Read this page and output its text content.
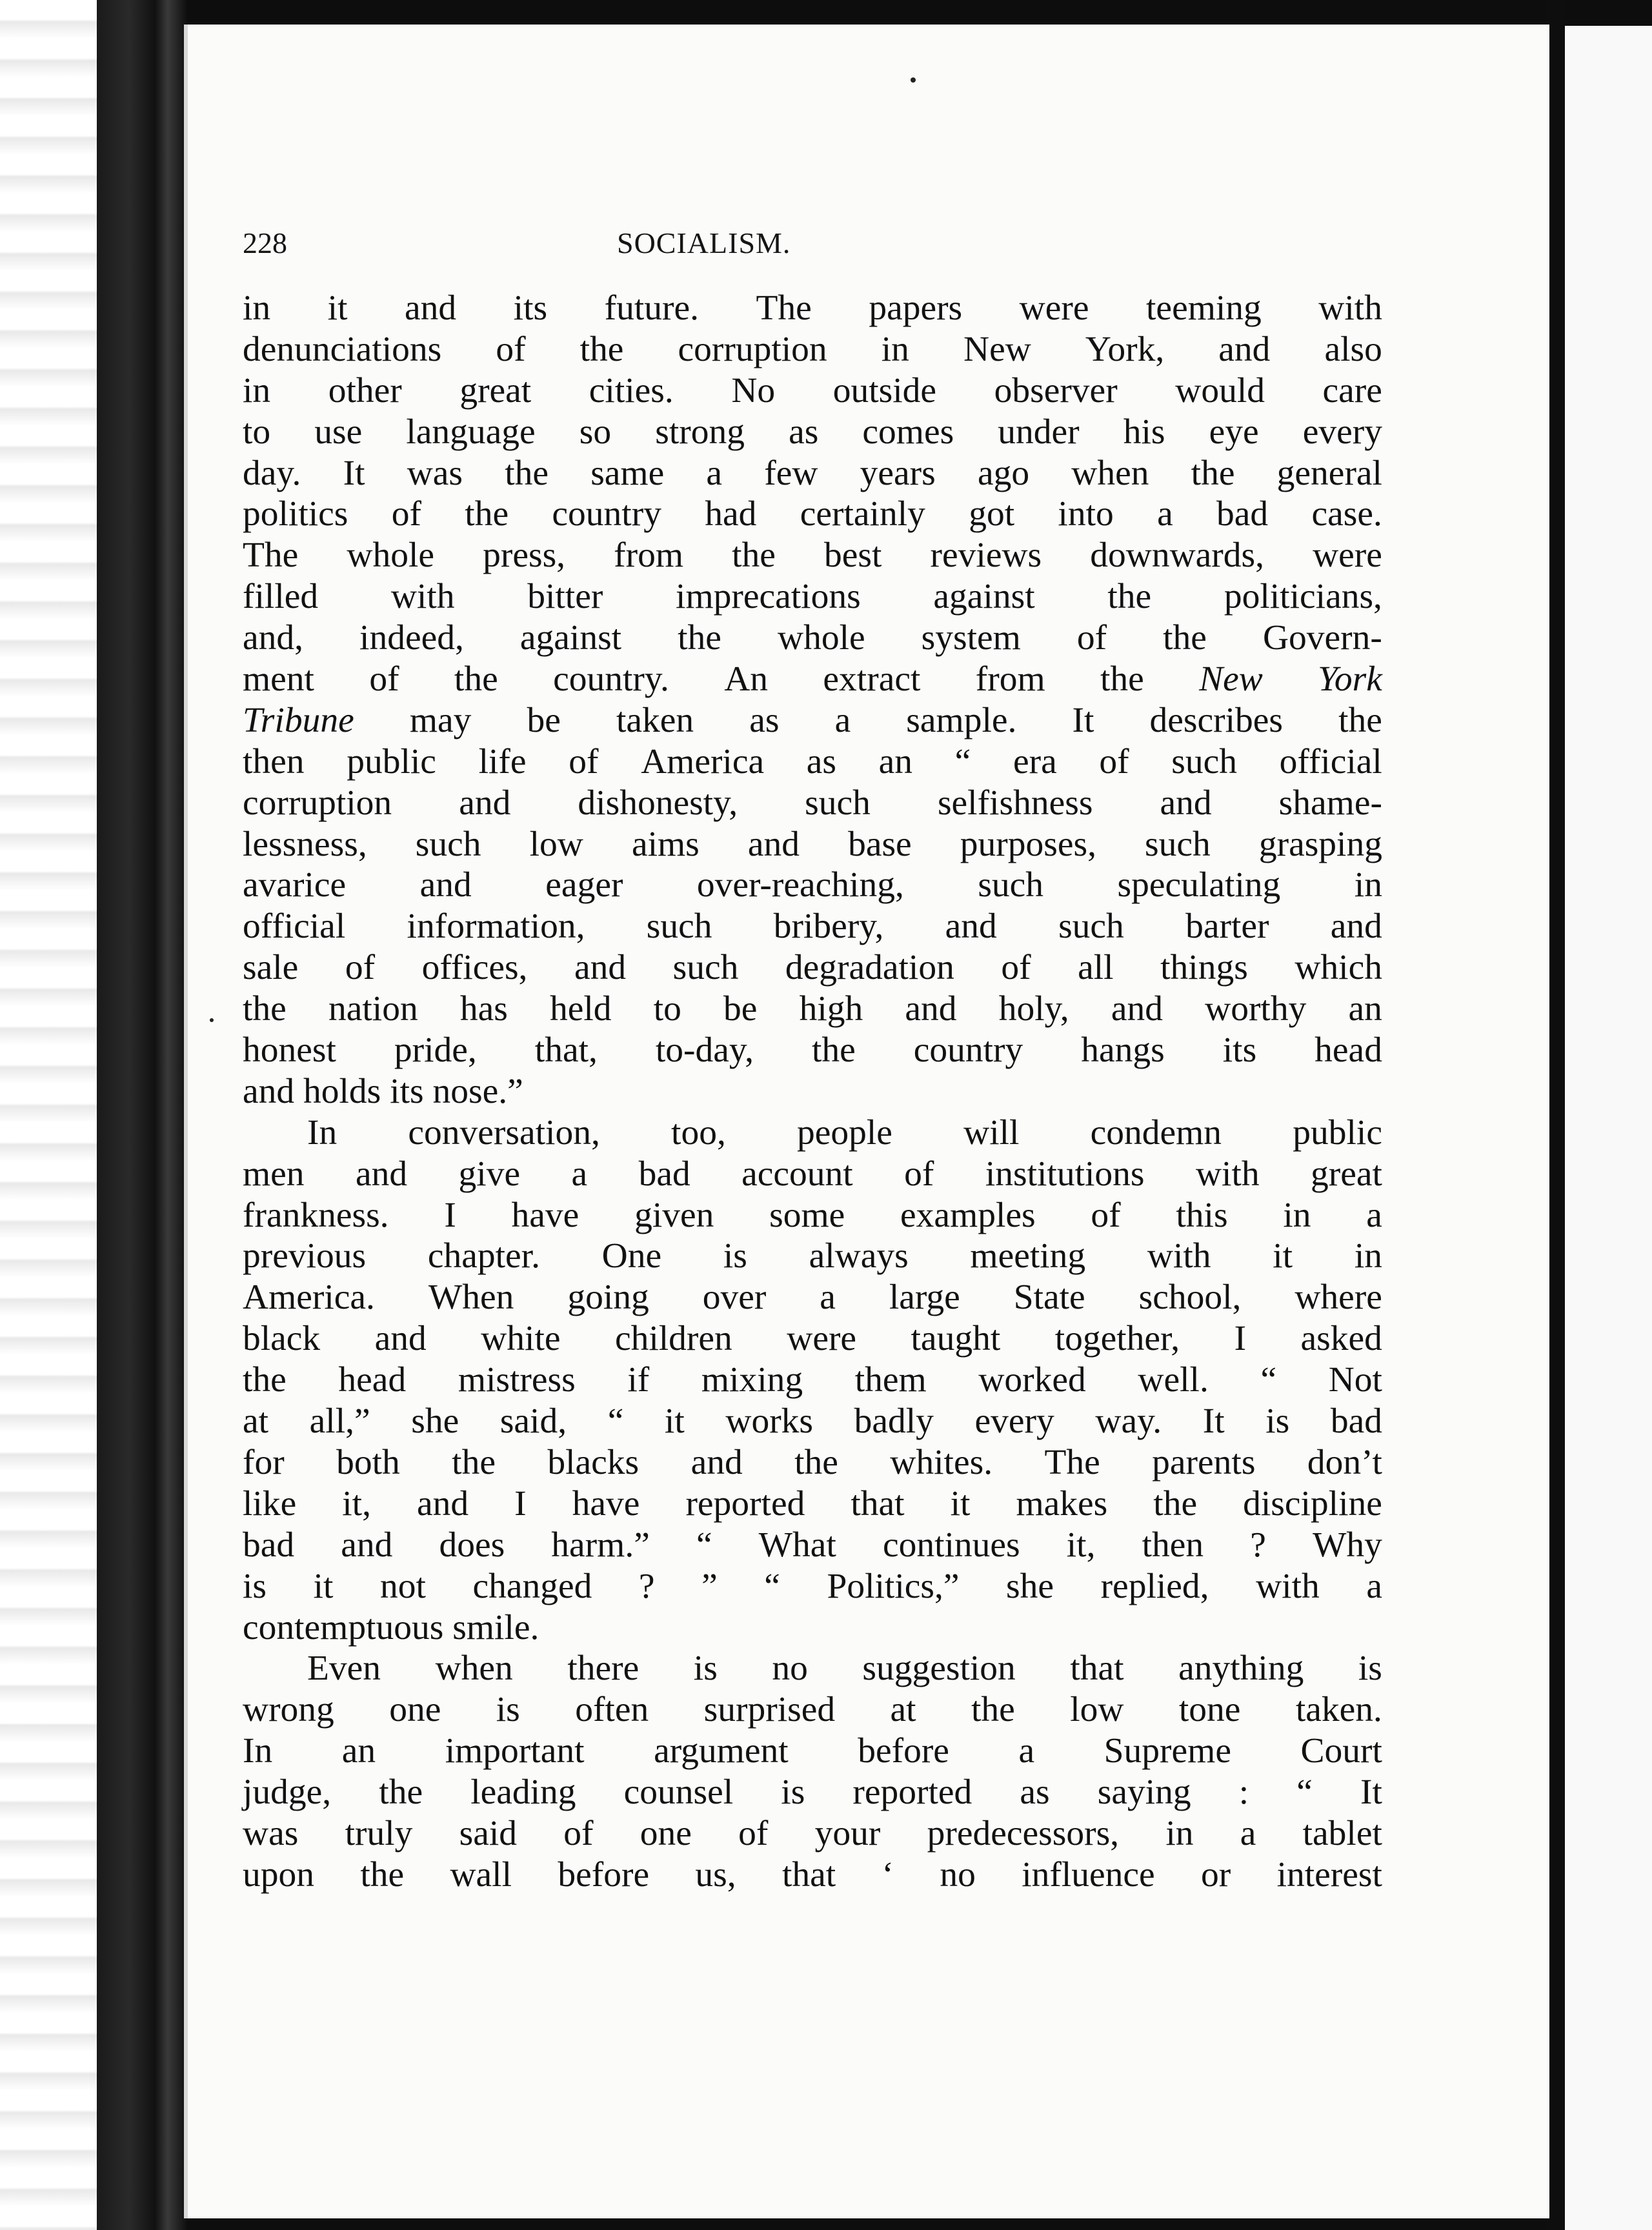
228	SOCIALISM.
in it and its future. The papers were teeming with
denunciations of the corruption in New York, and also
in other great cities. No outside observer would care
to use language so strong as comes under his eye every
day. It was the same a few years ago when the general
politics of the country had certainly got into a bad case.
The whole press, from the best reviews downwards, were
filled with bitter imprecations against the politicians,
and, indeed, against the whole system of the Govern-
ment of the country. An extract from the New York
Tribune may be taken as a sample. It describes the
then public life of America as an “ era of such official
corruption and dishonesty, such selfishness and shame-
lessness, such low aims and base purposes, such grasping
avarice and eager over-reaching, such speculating in
official information, such bribery, and such barter and
sale of offices, and such degradation of all things which
the nation has held to be high and holy, and worthy an
honest pride, that, to-day, the country hangs its head
and holds its nose.”
In conversation, too, people will condemn public
men and give a bad account of institutions with great
frankness. I have given some examples of this in a
previous chapter. One is always meeting with it in
America. When going over a large State school, where
black and white children were taught together, I asked
the head mistress if mixing them worked well. “ Not
at all,” she said, “ it works badly every way. It is bad
for both the blacks and the whites. The parents don’t
like it, and I have reported that it makes the discipline
bad and does harm.” “ What continues it, then ? Why
is it not changed ? ” “ Politics,” she replied, with a
contemptuous smile.
Even when there is no suggestion that anything is
wrong one is often surprised at the low tone taken.
In an important argument before a Supreme Court
judge, the leading counsel is reported as saying : “ It
was truly said of one of your predecessors, in a tablet
upon the wall before us, that ‘ no influence or interest
